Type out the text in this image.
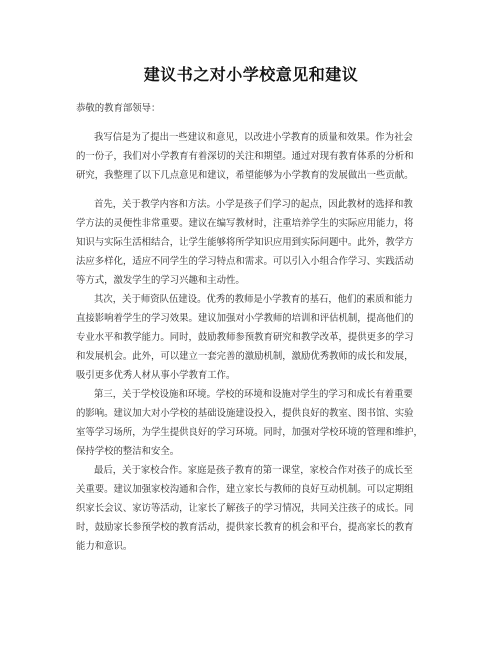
建议书之对小学校意见和建议

恭敬的教育部领导：

我写信是为了提出一些建议和意见，以改进小学教育的质量和效果。作为社会
的一份子，我们对小学教育有着深切的关注和期望。通过对现有教育体系的分析和
研究，我整理了以下几点意见和建议，希望能够为小学教育的发展做出一些贡献。
首先，关于教学内容和方法。小学是孩子们学习的起点，因此教材的选择和教
学方法的灵便性非常重要。建议在编写教材时，注重培养学生的实际应用能力，将
知识与实际生活相结合，让学生能够将所学知识应用到实际问题中。此外，教学方
法应多样化，适应不同学生的学习特点和需求。可以引入小组合作学习、实践活动
等方式，激发学生的学习兴趣和主动性。
其次，关于师资队伍建设。优秀的教师是小学教育的基石，他们的素质和能力
直接影响着学生的学习效果。建议加强对小学教师的培训和评估机制，提高他们的
专业水平和教学能力。同时，鼓励教师参预教育研究和教学改革，提供更多的学习
和发展机会。此外，可以建立一套完善的激励机制，激励优秀教师的成长和发展，
吸引更多优秀人材从事小学教育工作。
第三，关于学校设施和环境。学校的环境和设施对学生的学习和成长有着重要
的影响。建议加大对小学校的基础设施建设投入，提供良好的教室、图书馆、实验
室等学习场所，为学生提供良好的学习环境。同时，加强对学校环境的管理和维护，
保持学校的整洁和安全。
最后，关于家校合作。家庭是孩子教育的第一课堂，家校合作对孩子的成长至
关重要。建议加强家校沟通和合作，建立家长与教师的良好互动机制。可以定期组
织家长会议、家访等活动，让家长了解孩子的学习情况，共同关注孩子的成长。同
时，鼓励家长参预学校的教育活动，提供家长教育的机会和平台，提高家长的教育
能力和意识。
